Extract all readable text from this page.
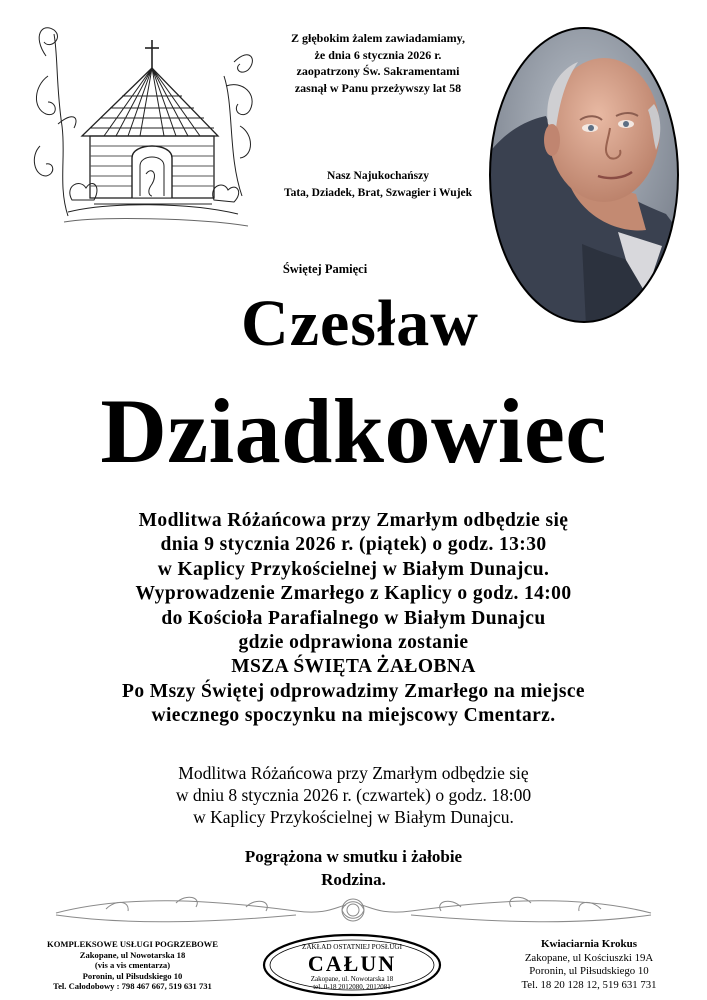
Z głębokim żalem zawiadamiamy,
że dnia 6 stycznia 2026 r.
zaopatrzony Św. Sakramentami
zasnął w Panu przeżywszy lat 58
Nasz Najukochańszy
Tata, Dziadek, Brat, Szwagier i Wujek
Świętej Pamięci
Czesław
Dziadkowiec
Modlitwa Różańcowa przy Zmarłym odbędzie się
dnia 9 stycznia 2026 r. (piątek) o godz. 13:30
w Kaplicy Przykościelnej w Białym Dunajcu.
Wyprowadzenie Zmarłego z Kaplicy o godz. 14:00
do Kościoła Parafialnego w Białym Dunajcu
gdzie odprawiona zostanie
MSZA ŚWIĘTA ŻAŁOBNA
Po Mszy Świętej odprowadzimy Zmarłego na miejsce
wiecznego spoczynku na miejscowy Cmentarz.
Modlitwa Różańcowa przy Zmarłym odbędzie się
w dniu 8 stycznia 2026 r. (czwartek) o godz. 18:00
w Kaplicy Przykościelnej w Białym Dunajcu.
Pogrążona w smutku i żałobie
Rodzina.
KOMPLEKSOWE USŁUGI POGRZEBOWE
Zakopane, ul Nowotarska 18
(vis a vis cmentarza)
Poronin, ul Piłsudskiego 10
Tel. Całodobowy : 798 467 667, 519 631 731
ZAKŁAD OSTATNIEJ POSŁUGI
CAŁUN
Zakopane, ul. Nowotarska 18
tel. 0-18 2012080, 2012081
Kwiaciarnia Krokus
Zakopane, ul Kościuszki 19A
Poronin, ul Piłsudskiego 10
Tel. 18 20 128 12, 519 631 731
